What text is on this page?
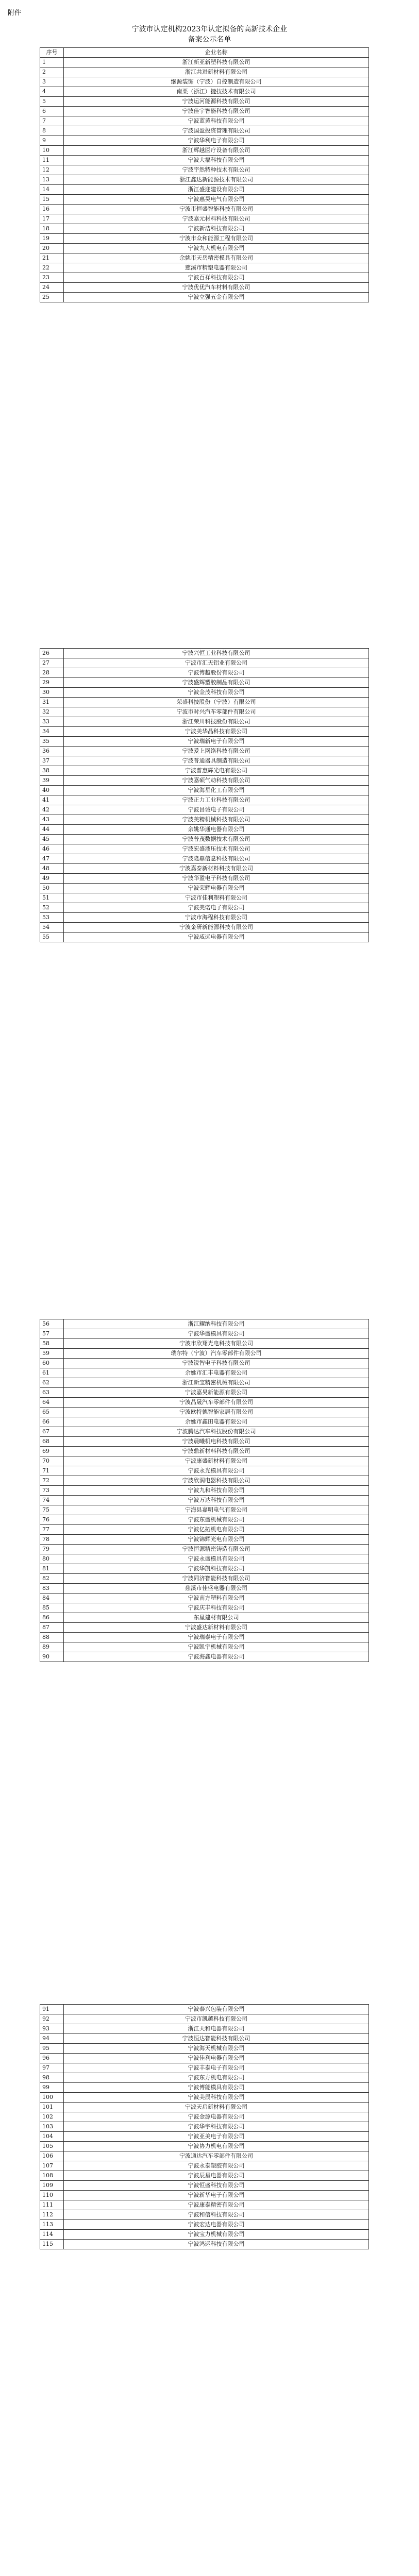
附件
宁波市认定机构2023年认定拟备的高新技术企业
备案公示名单
序号	企业名称
1	浙江新亚新塑科技有限公司
2	浙江共进新材料有限公司
3	继源装饰（宁波）自控制造有限公司
4	南栗（浙江）捷技技术有限公司
5	宁波运河能源科技有限公司
6	宁波佳宇智能科技有限公司
7	宁波蓝黄科技有限公司
8	宁波国盈投资管理有限公司
9	宁波华利电子有限公司
10	浙江辉越医疗设备有限公司
11	宁波大福科技有限公司
12	宁波宇然特种技术有限公司
13	浙江鑫达新能源技术有限公司
14	浙江盛迎建设有限公司
15	宁波惠昊电气有限公司
16	宁波市恒盛智能科技有限公司
17	宁波嘉元材料科技有限公司
18	宁波新洁科技有限公司
19	宁波市众和能源工程有限公司
20	宁波九大机电有限公司
21	余姚市天岳精密模具有限公司
22	慈溪市精塑电器有限公司
23	宁波百祥科技有限公司
24	宁波优优汽车材料有限公司
25	宁波立强五金有限公司
26	宁波兴恒工业科技有限公司
27	宁波市汇天铝业有限公司
28	宁波博越股份有限公司
29	宁波盛辉塑胶制品有限公司
30	宁波金茂科技有限公司
31	荣盛科技股份（宁波）有限公司
32	宁波市时兴汽车零部件有限公司
33	浙江荣川科技股份有限公司
34	宁波美华晶科技有限公司
35	宁波瑞新电子有限公司
36	宁波爱上网络科技有限公司
37	宁波普通器具制造有限公司
38	宁波普惠辉光电有限公司
39	宁波嘉硕气动科技有限公司
40	宁波海星化工有限公司
41	宁波正力工业科技有限公司
42	宁波昌诚电子有限公司
43	宁波美精机械科技有限公司
44	余姚华通电器有限公司
45	宁波普茂数据技术有限公司
46	宁波宏盛液压技术有限公司
47	宁波隆鼎信息科技有限公司
48	宁波嘉泰新材料科技有限公司
49	宁波华盈电子科技有限公司
50	宁波荣辉电器有限公司
51	宁波市佳利塑料有限公司
52	宁波美诺电子有限公司
53	宁波市海程科技有限公司
54	宁波金研新能源科技有限公司
55	宁波威远电器有限公司
56	浙江耀纳科技有限公司
57	宁波华盛模具有限公司
58	宁波市欣翔光电科技有限公司
59	瑞尔特（宁波）汽车零部件有限公司
60	宁波锐智电子科技有限公司
61	余姚市汇丰电器有限公司
62	浙江新宝精密机械有限公司
63	宁波嘉昊新能源有限公司
64	宁波晶晟汽车零部件有限公司
65	宁波欧特德智能家居有限公司
66	余姚市鑫田电器有限公司
67	宁波腾达汽车科技股份有限公司
68	宁波晨曦机电科技有限公司
69	宁波鼎新材料科技有限公司
70	宁波康盛新材料有限公司
71	宁波永光模具有限公司
72	宁波欣润电器科技有限公司
73	宁波九和科技有限公司
74	宁波万达科技有限公司
75	宁海县嘉明电气有限公司
76	宁波东盛机械有限公司
77	宁波亿拓机电有限公司
78	宁波锦辉光电有限公司
79	宁波恒源精密铸造有限公司
80	宁波永盛模具有限公司
81	宁波华凯科技有限公司
82	宁波同济智能科技有限公司
83	慈溪市佳盛电器有限公司
84	宁波南方塑料有限公司
85	宁波庆丰科技有限公司
86	东星建材有限公司
87	宁波盛达新材料有限公司
88	宁波瑞泰电子有限公司
89	宁波凯宇机械有限公司
90	宁波海鑫电器有限公司
91	宁波泰兴包装有限公司
92	宁波市凯越科技有限公司
93	浙江天和电器有限公司
94	宁波恒达智能科技有限公司
95	宁波海天机械有限公司
96	宁波佳利电器有限公司
97	宁波丰泰电子有限公司
98	宁波东方机电有限公司
99	宁波博能模具有限公司
100	宁波美辰科技有限公司
101	宁波天启新材料有限公司
102	宁波金源电器有限公司
103	宁波华宇科技有限公司
104	宁波亚美电子有限公司
105	宁波协力机电有限公司
106	宁波通达汽车零部件有限公司
107	宁波永泰塑胶有限公司
108	宁波辰星电器有限公司
109	宁波恒盛科技有限公司
110	宁波新华电子有限公司
111	宁波康泰精密有限公司
112	宁波和信科技有限公司
113	宁波宏达电器有限公司
114	宁波宝力机械有限公司
115	宁波鸿运科技有限公司
